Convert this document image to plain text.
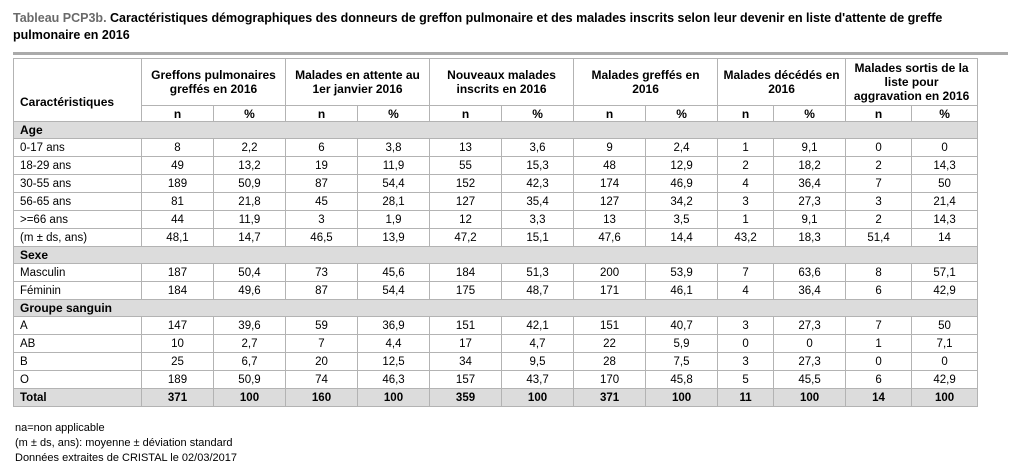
Tableau PCP3b. Caractéristiques démographiques des donneurs de greffon pulmonaire et des malades inscrits selon leur devenir en liste d'attente de greffe pulmonaire en 2016
Caractéristiques	Greffons pulmonaires greffés en 2016		Malades en attente au 1er janvier 2016		Nouveaux malades inscrits en 2016		Malades greffés en 2016		Malades décédés en 2016		Malades sortis de la liste pour aggravation en 2016	
	n	%	n	%	n	%	n	%	n	%	n	%
Age												
0-17 ans	8	2,2	6	3,8	13	3,6	9	2,4	1	9,1	0	0
18-29 ans	49	13,2	19	11,9	55	15,3	48	12,9	2	18,2	2	14,3
30-55 ans	189	50,9	87	54,4	152	42,3	174	46,9	4	36,4	7	50
56-65 ans	81	21,8	45	28,1	127	35,4	127	34,2	3	27,3	3	21,4
>=66 ans	44	11,9	3	1,9	12	3,3	13	3,5	1	9,1	2	14,3
(m ± ds, ans)	48,1	14,7	46,5	13,9	47,2	15,1	47,6	14,4	43,2	18,3	51,4	14
Sexe												
Masculin	187	50,4	73	45,6	184	51,3	200	53,9	7	63,6	8	57,1
Féminin	184	49,6	87	54,4	175	48,7	171	46,1	4	36,4	6	42,9
Groupe sanguin												
A	147	39,6	59	36,9	151	42,1	151	40,7	3	27,3	7	50
AB	10	2,7	7	4,4	17	4,7	22	5,9	0	0	1	7,1
B	25	6,7	20	12,5	34	9,5	28	7,5	3	27,3	0	0
O	189	50,9	74	46,3	157	43,7	170	45,8	5	45,5	6	42,9
Total	371	100	160	100	359	100	371	100	11	100	14	100
na=non applicable
(m ± ds, ans): moyenne ± déviation standard
Données extraites de CRISTAL le 02/03/2017
